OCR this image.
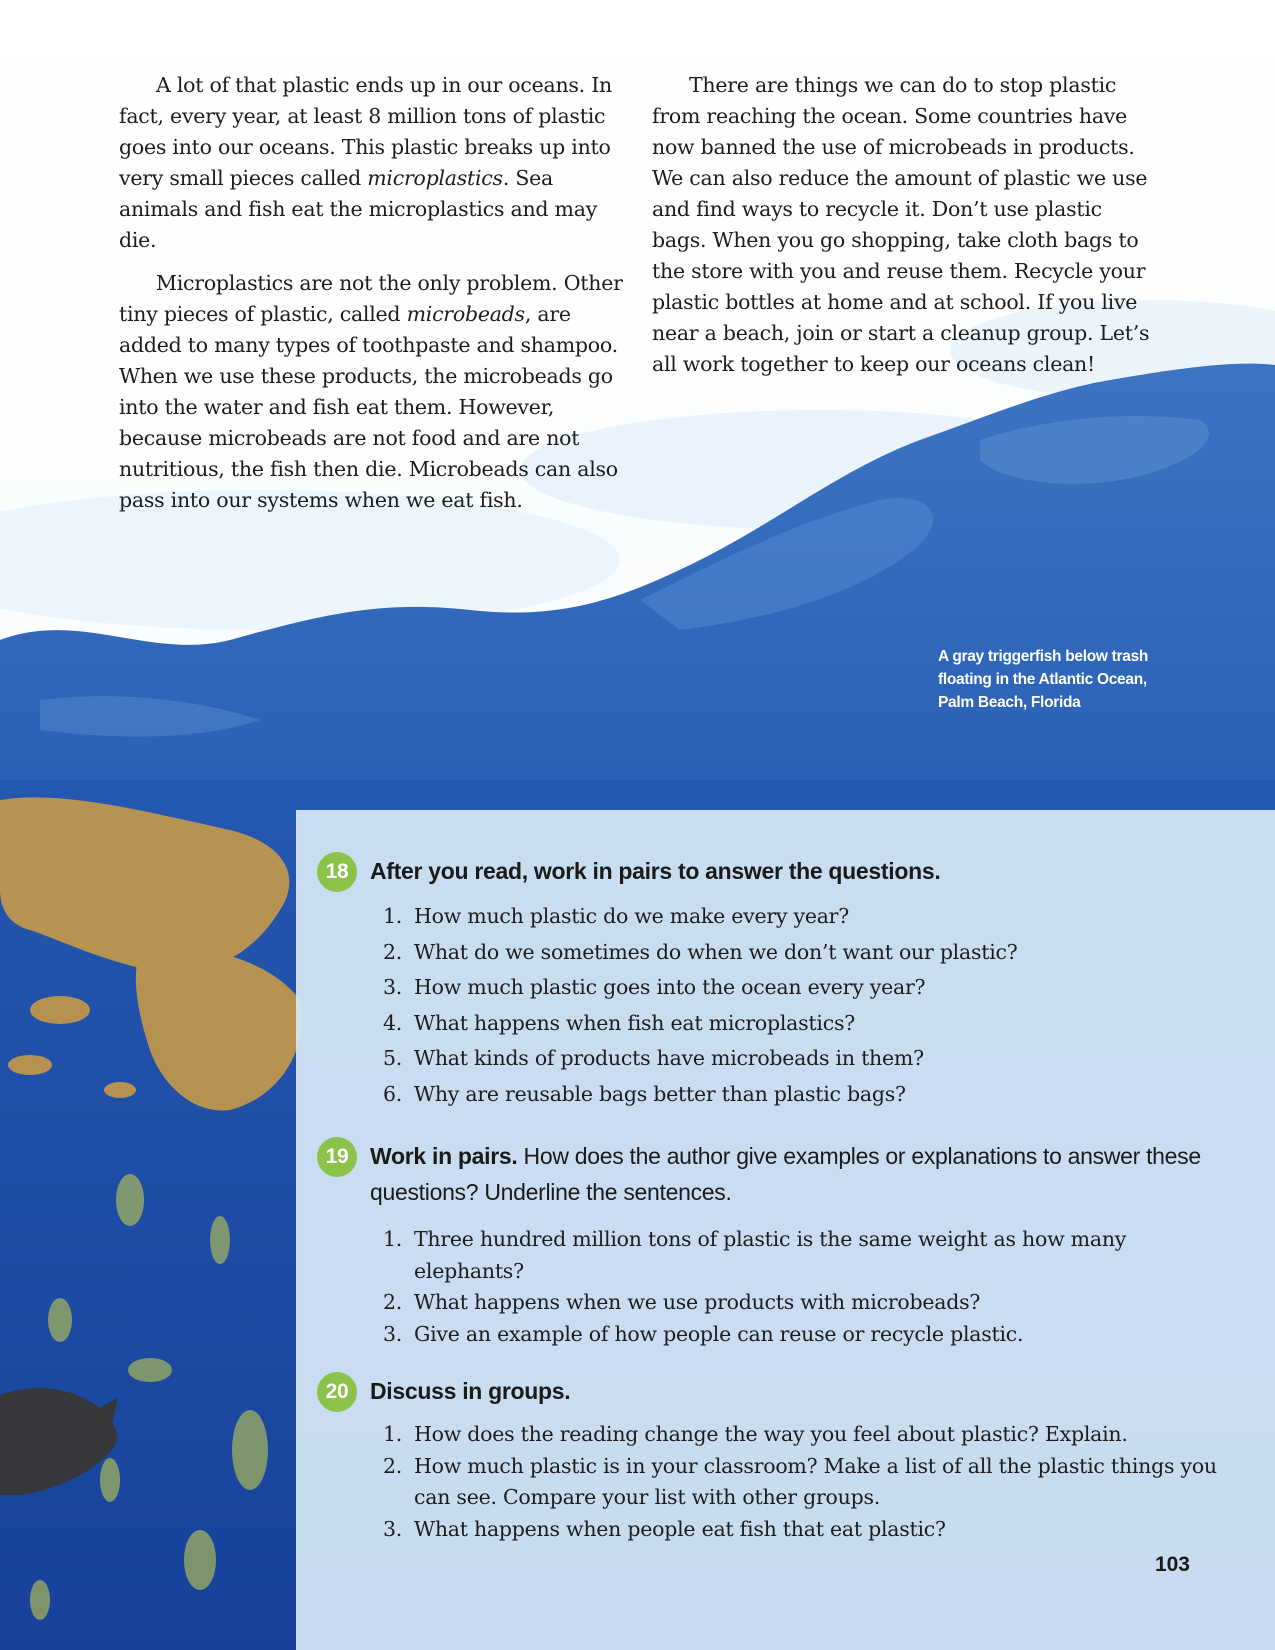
A lot of that plastic ends up in our oceans. In fact, every year, at least 8 million tons of plastic goes into our oceans. This plastic breaks up into very small pieces called microplastics. Sea animals and fish eat the microplastics and may die.

Microplastics are not the only problem. Other tiny pieces of plastic, called microbeads, are added to many types of toothpaste and shampoo. When we use these products, the microbeads go into the water and fish eat them. However, because microbeads are not food and are not nutritious, the fish then die. Microbeads can also pass into our systems when we eat fish.

There are things we can do to stop plastic from reaching the ocean. Some countries have now banned the use of microbeads in products. We can also reduce the amount of plastic we use and find ways to recycle it. Don’t use plastic bags. When you go shopping, take cloth bags to the store with you and reuse them. Recycle your plastic bottles at home and at school. If you live near a beach, join or start a cleanup group. Let’s all work together to keep our oceans clean!

A gray triggerfish below trash
floating in the Atlantic Ocean,
Palm Beach, Florida
18 After you read, work in pairs to answer the questions.
1. How much plastic do we make every year?
2. What do we sometimes do when we don’t want our plastic?
3. How much plastic goes into the ocean every year?
4. What happens when fish eat microplastics?
5. What kinds of products have microbeads in them?
6. Why are reusable bags better than plastic bags?
19 Work in pairs. How does the author give examples or explanations to answer these questions? Underline the sentences.
1. Three hundred million tons of plastic is the same weight as how many elephants?
2. What happens when we use products with microbeads?
3. Give an example of how people can reuse or recycle plastic.
20 Discuss in groups.
1. How does the reading change the way you feel about plastic? Explain.
2. How much plastic is in your classroom? Make a list of all the plastic things you can see. Compare your list with other groups.
3. What happens when people eat fish that eat plastic?
103
